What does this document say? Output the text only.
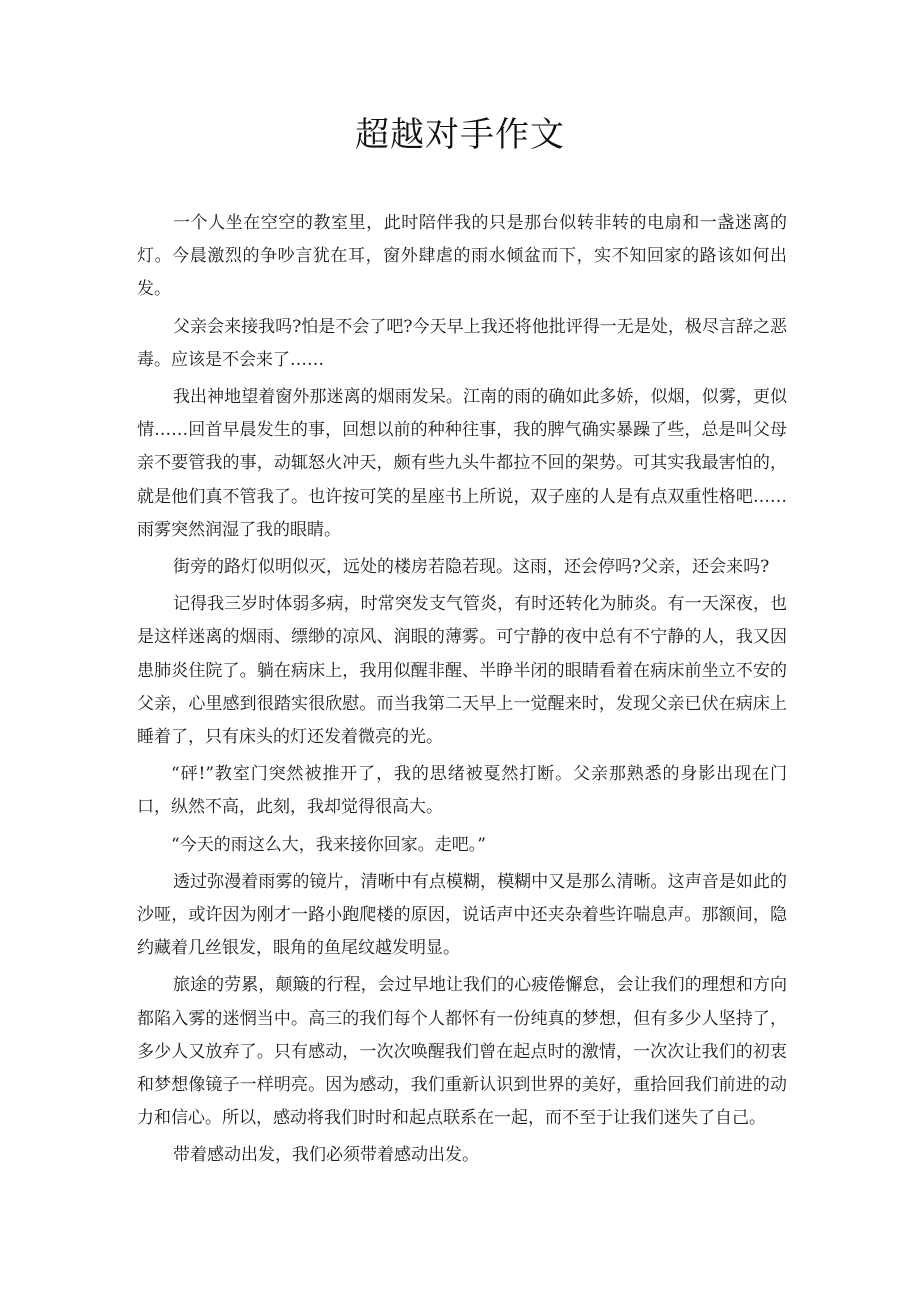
超越对手作文

一个人坐在空空的教室里，此时陪伴我的只是那台似转非转的电扇和一盏迷离的灯。今晨激烈的争吵言犹在耳，窗外肆虐的雨水倾盆而下，实不知回家的路该如何出发。

父亲会来接我吗?怕是不会了吧?今天早上我还将他批评得一无是处，极尽言辞之恶毒。应该是不会来了……

我出神地望着窗外那迷离的烟雨发呆。江南的雨的确如此多娇，似烟，似雾，更似情……回首早晨发生的事，回想以前的种种往事，我的脾气确实暴躁了些，总是叫父母亲不要管我的事，动辄怒火冲天，颇有些九头牛都拉不回的架势。可其实我最害怕的，就是他们真不管我了。也许按可笑的星座书上所说，双子座的人是有点双重性格吧……雨雾突然润湿了我的眼睛。

街旁的路灯似明似灭，远处的楼房若隐若现。这雨，还会停吗?父亲，还会来吗?

记得我三岁时体弱多病，时常突发支气管炎，有时还转化为肺炎。有一天深夜，也是这样迷离的烟雨、缥缈的凉风、润眼的薄雾。可宁静的夜中总有不宁静的人，我又因患肺炎住院了。躺在病床上，我用似醒非醒、半睁半闭的眼睛看着在病床前坐立不安的父亲，心里感到很踏实很欣慰。而当我第二天早上一觉醒来时，发现父亲已伏在病床上睡着了，只有床头的灯还发着微亮的光。

“砰!”教室门突然被推开了，我的思绪被戛然打断。父亲那熟悉的身影出现在门口，纵然不高，此刻，我却觉得很高大。

“今天的雨这么大，我来接你回家。走吧。”

透过弥漫着雨雾的镜片，清晰中有点模糊，模糊中又是那么清晰。这声音是如此的沙哑，或许因为刚才一路小跑爬楼的原因，说话声中还夹杂着些许喘息声。那额间，隐约藏着几丝银发，眼角的鱼尾纹越发明显。

旅途的劳累，颠簸的行程，会过早地让我们的心疲倦懈怠，会让我们的理想和方向都陷入雾的迷惘当中。高三的我们每个人都怀有一份纯真的梦想，但有多少人坚持了，多少人又放弃了。只有感动，一次次唤醒我们曾在起点时的激情，一次次让我们的初衷和梦想像镜子一样明亮。因为感动，我们重新认识到世界的美好，重拾回我们前进的动力和信心。所以，感动将我们时时和起点联系在一起，而不至于让我们迷失了自己。

带着感动出发，我们必须带着感动出发。
